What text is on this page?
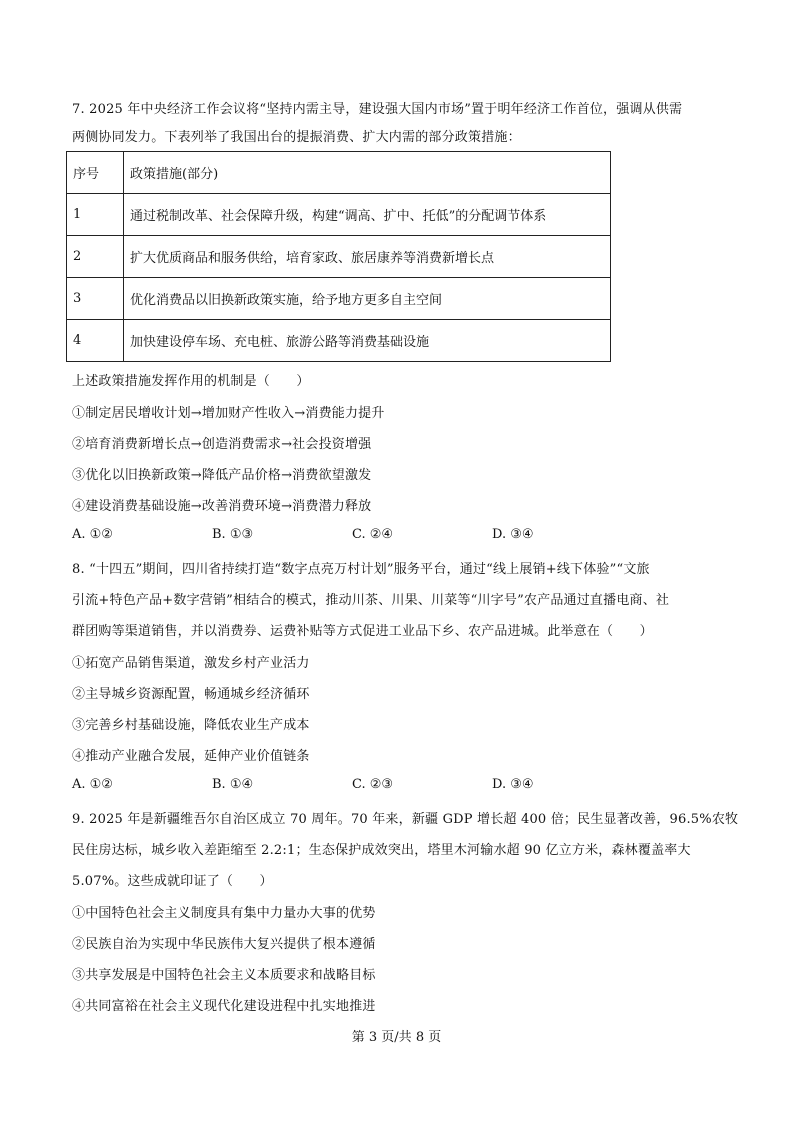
7. 2025 年中央经济工作会议将“坚持内需主导，建设强大国内市场”置于明年经济工作首位，强调从供需
两侧协同发力。下表列举了我国出台的提振消费、扩大内需的部分政策措施：
序号	政策措施(部分)
1	通过税制改革、社会保障升级，构建“调高、扩中、托低”的分配调节体系
2	扩大优质商品和服务供给，培育家政、旅居康养等消费新增长点
3	优化消费品以旧换新政策实施，给予地方更多自主空间
4	加快建设停车场、充电桩、旅游公路等消费基础设施
上述政策措施发挥作用的机制是（　　）
①制定居民增收计划→增加财产性收入→消费能力提升
②培育消费新增长点→创造消费需求→社会投资增强
③优化以旧换新政策→降低产品价格→消费欲望激发
④建设消费基础设施→改善消费环境→消费潜力释放
A. ①②	B. ①③	C. ②④	D. ③④
8. “十四五”期间，四川省持续打造“数字点亮万村计划”服务平台，通过“线上展销+线下体验”“文旅
引流+特色产品+数字营销”相结合的模式，推动川茶、川果、川菜等“川字号”农产品通过直播电商、社
群团购等渠道销售，并以消费券、运费补贴等方式促进工业品下乡、农产品进城。此举意在（　　）
①拓宽产品销售渠道，激发乡村产业活力
②主导城乡资源配置，畅通城乡经济循环
③完善乡村基础设施，降低农业生产成本
④推动产业融合发展，延伸产业价值链条
A. ①②	B. ①④	C. ②③	D. ③④
9. 2025 年是新疆维吾尔自治区成立 70 周年。70 年来，新疆 GDP 增长超 400 倍；民生显著改善，96.5%农牧
民住房达标，城乡收入差距缩至 2.2:1；生态保护成效突出，塔里木河输水超 90 亿立方米，森林覆盖率大
5.07%。这些成就印证了（　　）
①中国特色社会主义制度具有集中力量办大事的优势
②民族自治为实现中华民族伟大复兴提供了根本遵循
③共享发展是中国特色社会主义本质要求和战略目标
④共同富裕在社会主义现代化建设进程中扎实地推进
第 3 页/共 8 页
